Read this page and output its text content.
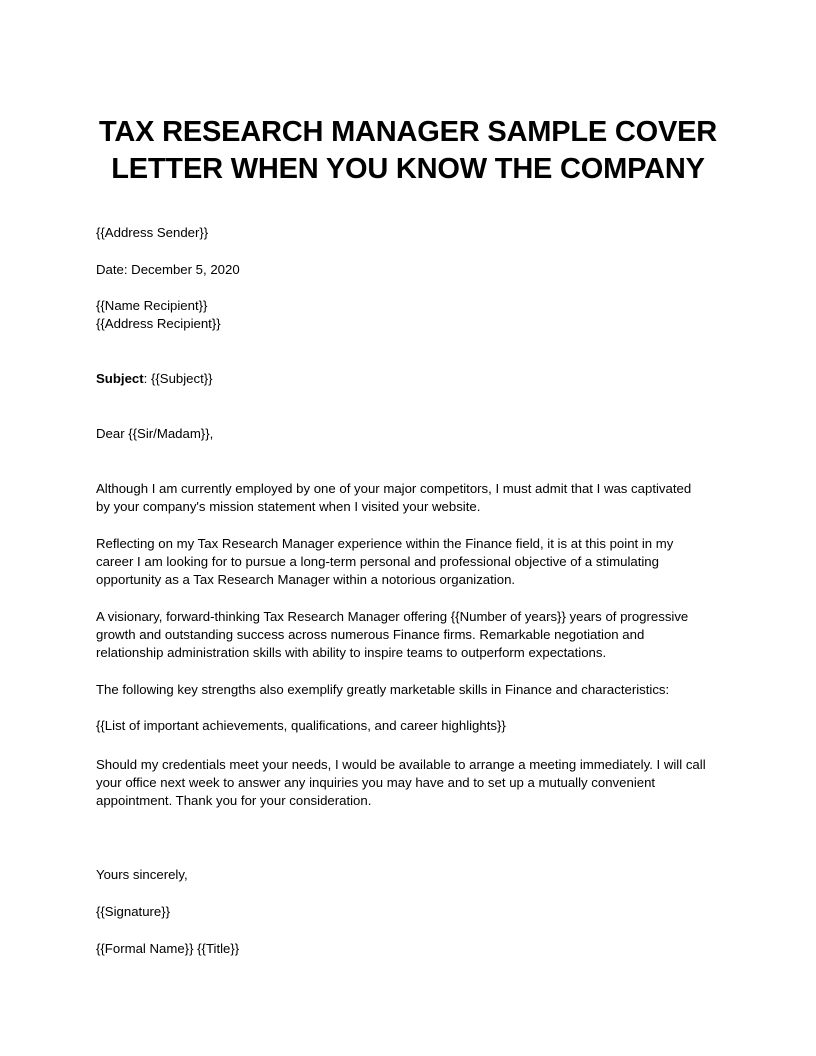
TAX RESEARCH MANAGER SAMPLE COVER
LETTER WHEN YOU KNOW THE COMPANY

{{Address Sender}}

Date: December 5, 2020

{{Name Recipient}}
{{Address Recipient}}

Subject: {{Subject}}

Dear {{Sir/Madam}},

Although I am currently employed by one of your major competitors, I must admit that I was captivated
by your company's mission statement when I visited your website.

Reflecting on my Tax Research Manager experience within the Finance field, it is at this point in my
career I am looking for to pursue a long-term personal and professional objective of a stimulating
opportunity as a Tax Research Manager within a notorious organization.

A visionary, forward-thinking Tax Research Manager offering {{Number of years}} years of progressive
growth and outstanding success across numerous Finance firms. Remarkable negotiation and
relationship administration skills with ability to inspire teams to outperform expectations.

The following key strengths also exemplify greatly marketable skills in Finance and characteristics:

{{List of important achievements, qualifications, and career highlights}}

Should my credentials meet your needs, I would be available to arrange a meeting immediately. I will call
your office next week to answer any inquiries you may have and to set up a mutually convenient
appointment. Thank you for your consideration.

Yours sincerely,

{{Signature}}

{{Formal Name}} {{Title}}
